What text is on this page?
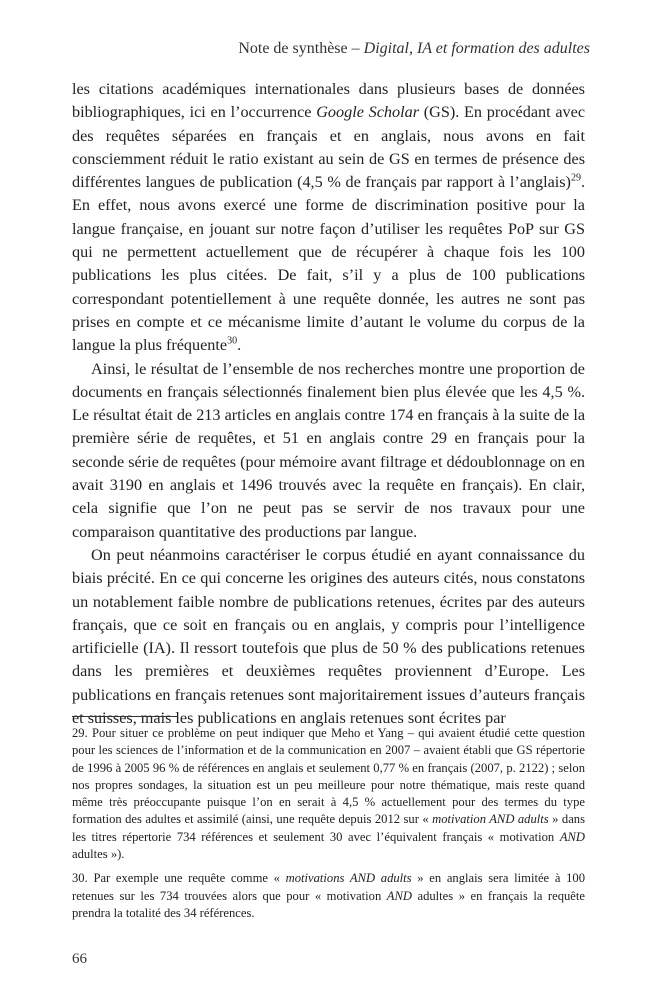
Note de synthèse – Digital, IA et formation des adultes

les citations académiques internationales dans plusieurs bases de données bibliographiques, ici en l’occurrence Google Scholar (GS). En procédant avec des requêtes séparées en français et en anglais, nous avons en fait consciemment réduit le ratio existant au sein de GS en termes de présence des différentes langues de publication (4,5 % de français par rapport à l’anglais)$^{29}$. En effet, nous avons exercé une forme de discrimination positive pour la langue française, en jouant sur notre façon d’utiliser les requêtes PoP sur GS qui ne permettent actuellement que de récupérer à chaque fois les 100 publications les plus citées. De fait, s’il y a plus de 100 publications correspondant potentiellement à une requête donnée, les autres ne sont pas prises en compte et ce mécanisme limite d’autant le volume du corpus de la langue la plus fréquente$^{30}$.

Ainsi, le résultat de l’ensemble de nos recherches montre une proportion de documents en français sélectionnés finalement bien plus élevée que les 4,5 %. Le résultat était de 213 articles en anglais contre 174 en français à la suite de la première série de requêtes, et 51 en anglais contre 29 en français pour la seconde série de requêtes (pour mémoire avant filtrage et dédoublonnage on en avait 3190 en anglais et 1496 trouvés avec la requête en français). En clair, cela signifie que l’on ne peut pas se servir de nos travaux pour une comparaison quantitative des productions par langue.

On peut néanmoins caractériser le corpus étudié en ayant connaissance du biais précité. En ce qui concerne les origines des auteurs cités, nous constatons un notablement faible nombre de publications retenues, écrites par des auteurs français, que ce soit en français ou en anglais, y compris pour l’intelligence artificielle (IA). Il ressort toutefois que plus de 50 % des publications retenues dans les premières et deuxièmes requêtes proviennent d’Europe. Les publications en français retenues sont majoritairement issues d’auteurs français et suisses, mais les publications en anglais retenues sont écrites par

29. Pour situer ce problème on peut indiquer que Meho et Yang – qui avaient étudié cette question pour les sciences de l’information et de la communication en 2007 – avaient établi que GS répertorie de 1996 à 2005 96 % de références en anglais et seulement 0,77 % en français (2007, p. 2122) ; selon nos propres sondages, la situation est un peu meilleure pour notre thématique, mais reste quand même très préoccupante puisque l’on en serait à 4,5 % actuellement pour des termes du type formation des adultes et assimilé (ainsi, une requête depuis 2012 sur « motivation AND adults » dans les titres répertorie 734 références et seulement 30 avec l’équivalent français « motivation AND adultes »).

30. Par exemple une requête comme « motivations AND adults » en anglais sera limitée à 100 retenues sur les 734 trouvées alors que pour « motivation AND adultes » en français la requête prendra la totalité des 34 références.

66
